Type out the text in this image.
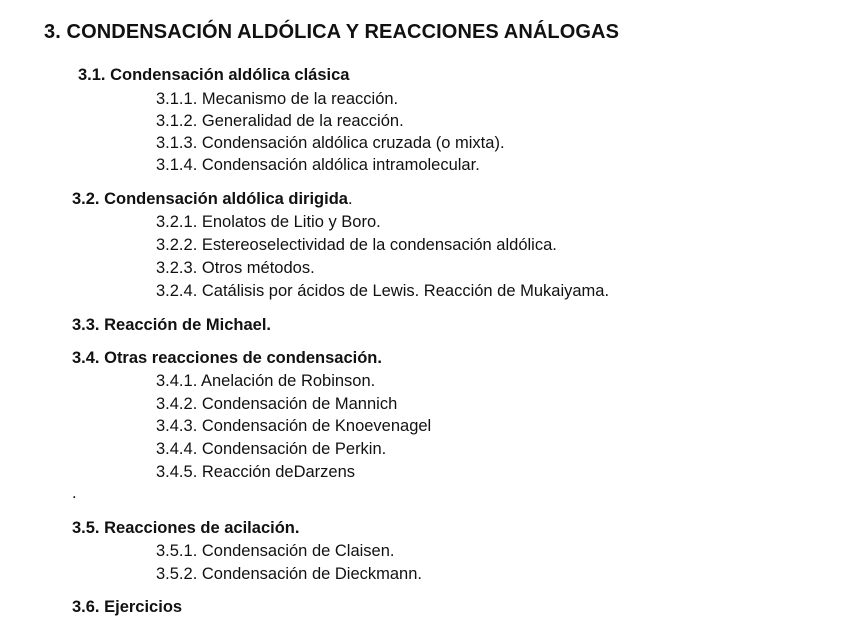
3. CONDENSACIÓN ALDÓLICA Y REACCIONES ANÁLOGAS
3.1. Condensación aldólica clásica
3.1.1. Mecanismo de la reacción.
3.1.2. Generalidad de la reacción.
3.1.3. Condensación aldólica cruzada (o mixta).
3.1.4. Condensación aldólica intramolecular.
3.2. Condensación aldólica dirigida.
3.2.1. Enolatos de Litio y Boro.
3.2.2. Estereoselectividad de la condensación aldólica.
3.2.3. Otros métodos.
3.2.4. Catálisis por ácidos de Lewis. Reacción de Mukaiyama.
3.3. Reacción de Michael.
3.4. Otras reacciones de condensación.
3.4.1. Anelación de Robinson.
3.4.2. Condensación de Mannich
3.4.3. Condensación de Knoevenagel
3.4.4. Condensación de Perkin.
3.4.5. Reacción deDarzens
.
3.5. Reacciones de acilación.
3.5.1. Condensación de Claisen.
3.5.2. Condensación de Dieckmann.
3.6. Ejercicios
